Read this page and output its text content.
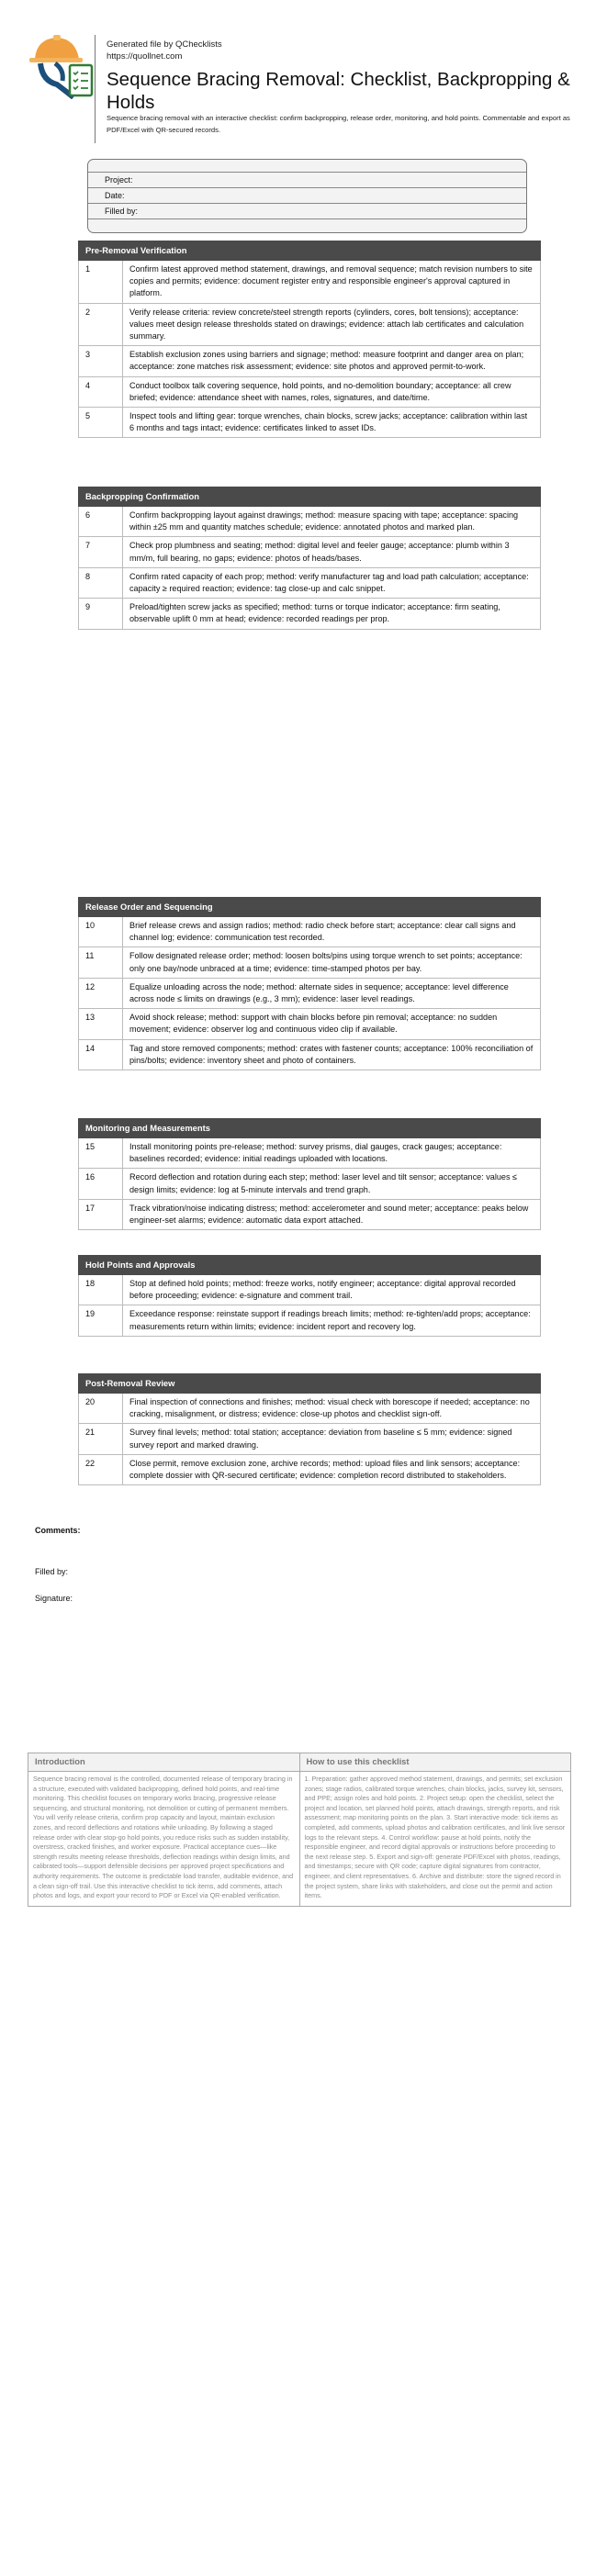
Generated file by QChecklists
https://quollnet.com
Sequence Bracing Removal: Checklist, Backpropping & Holds
Sequence bracing removal with an interactive checklist: confirm backpropping, release order, monitoring, and hold points. Commentable and export as PDF/Excel with QR-secured records.
Project:
Date:
Filled by:
Pre-Removal Verification	
1	Confirm latest approved method statement, drawings, and removal sequence; match revision numbers to site copies and permits; evidence: document register entry and responsible engineer's approval captured in platform.
2	Verify release criteria: review concrete/steel strength reports (cylinders, cores, bolt tensions); acceptance: values meet design release thresholds stated on drawings; evidence: attach lab certificates and calculation summary.
3	Establish exclusion zones using barriers and signage; method: measure footprint and danger area on plan; acceptance: zone matches risk assessment; evidence: site photos and approved permit-to-work.
4	Conduct toolbox talk covering sequence, hold points, and no-demolition boundary; acceptance: all crew briefed; evidence: attendance sheet with names, roles, signatures, and date/time.
5	Inspect tools and lifting gear: torque wrenches, chain blocks, screw jacks; acceptance: calibration within last 6 months and tags intact; evidence: certificates linked to asset IDs.
Backpropping Confirmation	
6	Confirm backpropping layout against drawings; method: measure spacing with tape; acceptance: spacing within ±25 mm and quantity matches schedule; evidence: annotated photos and marked plan.
7	Check prop plumbness and seating; method: digital level and feeler gauge; acceptance: plumb within 3 mm/m, full bearing, no gaps; evidence: photos of heads/bases.
8	Confirm rated capacity of each prop; method: verify manufacturer tag and load path calculation; acceptance: capacity ≥ required reaction; evidence: tag close-up and calc snippet.
9	Preload/tighten screw jacks as specified; method: turns or torque indicator; acceptance: firm seating, observable uplift 0 mm at head; evidence: recorded readings per prop.
Release Order and Sequencing	
10	Brief release crews and assign radios; method: radio check before start; acceptance: clear call signs and channel log; evidence: communication test recorded.
11	Follow designated release order; method: loosen bolts/pins using torque wrench to set points; acceptance: only one bay/node unbraced at a time; evidence: time-stamped photos per bay.
12	Equalize unloading across the node; method: alternate sides in sequence; acceptance: level difference across node ≤ limits on drawings (e.g., 3 mm); evidence: laser level readings.
13	Avoid shock release; method: support with chain blocks before pin removal; acceptance: no sudden movement; evidence: observer log and continuous video clip if available.
14	Tag and store removed components; method: crates with fastener counts; acceptance: 100% reconciliation of pins/bolts; evidence: inventory sheet and photo of containers.
Monitoring and Measurements	
15	Install monitoring points pre-release; method: survey prisms, dial gauges, crack gauges; acceptance: baselines recorded; evidence: initial readings uploaded with locations.
16	Record deflection and rotation during each step; method: laser level and tilt sensor; acceptance: values ≤ design limits; evidence: log at 5-minute intervals and trend graph.
17	Track vibration/noise indicating distress; method: accelerometer and sound meter; acceptance: peaks below engineer-set alarms; evidence: automatic data export attached.
Hold Points and Approvals	
18	Stop at defined hold points; method: freeze works, notify engineer; acceptance: digital approval recorded before proceeding; evidence: e-signature and comment trail.
19	Exceedance response: reinstate support if readings breach limits; method: re-tighten/add props; acceptance: measurements return within limits; evidence: incident report and recovery log.
Post-Removal Review	
20	Final inspection of connections and finishes; method: visual check with borescope if needed; acceptance: no cracking, misalignment, or distress; evidence: close-up photos and checklist sign-off.
21	Survey final levels; method: total station; acceptance: deviation from baseline ≤ 5 mm; evidence: signed survey report and marked drawing.
22	Close permit, remove exclusion zone, archive records; method: upload files and link sensors; acceptance: complete dossier with QR-secured certificate; evidence: completion record distributed to stakeholders.
Comments:
Filled by:
Signature:
Introduction	How to use this checklist
Sequence bracing removal is the controlled, documented release of temporary bracing in a structure, executed with validated backpropping, defined hold points, and real-time monitoring. This checklist focuses on temporary works bracing, progressive release sequencing, and structural monitoring, not demolition or cutting of permanent members. You will verify release criteria, confirm prop capacity and layout, maintain exclusion zones, and record deflections and rotations while unloading. By following a staged release order with clear stop-go hold points, you reduce risks such as sudden instability, overstress, cracked finishes, and worker exposure. Practical acceptance cues—like strength results meeting release thresholds, deflection readings within design limits, and calibrated tools—support defensible decisions per approved project specifications and authority requirements. The outcome is predictable load transfer, auditable evidence, and a clean sign-off trail. Use this interactive checklist to tick items, add comments, attach photos and logs, and export your record to PDF or Excel via QR-enabled verification.	1. Preparation: gather approved method statement, drawings, and permits; set exclusion zones; stage radios, calibrated torque wrenches, chain blocks, jacks, survey kit, sensors, and PPE; assign roles and hold points. 2. Project setup: open the checklist, select the project and location, set planned hold points, attach drawings, strength reports, and risk assessment; map monitoring points on the plan. 3. Start interactive mode: tick items as completed, add comments, upload photos and calibration certificates, and link live sensor logs to the relevant steps. 4. Control workflow: pause at hold points, notify the responsible engineer, and record digital approvals or instructions before proceeding to the next release step. 5. Export and sign-off: generate PDF/Excel with photos, readings, and timestamps; secure with QR code; capture digital signatures from contractor, engineer, and client representatives. 6. Archive and distribute: store the signed record in the project system, share links with stakeholders, and close out the permit and action items.
